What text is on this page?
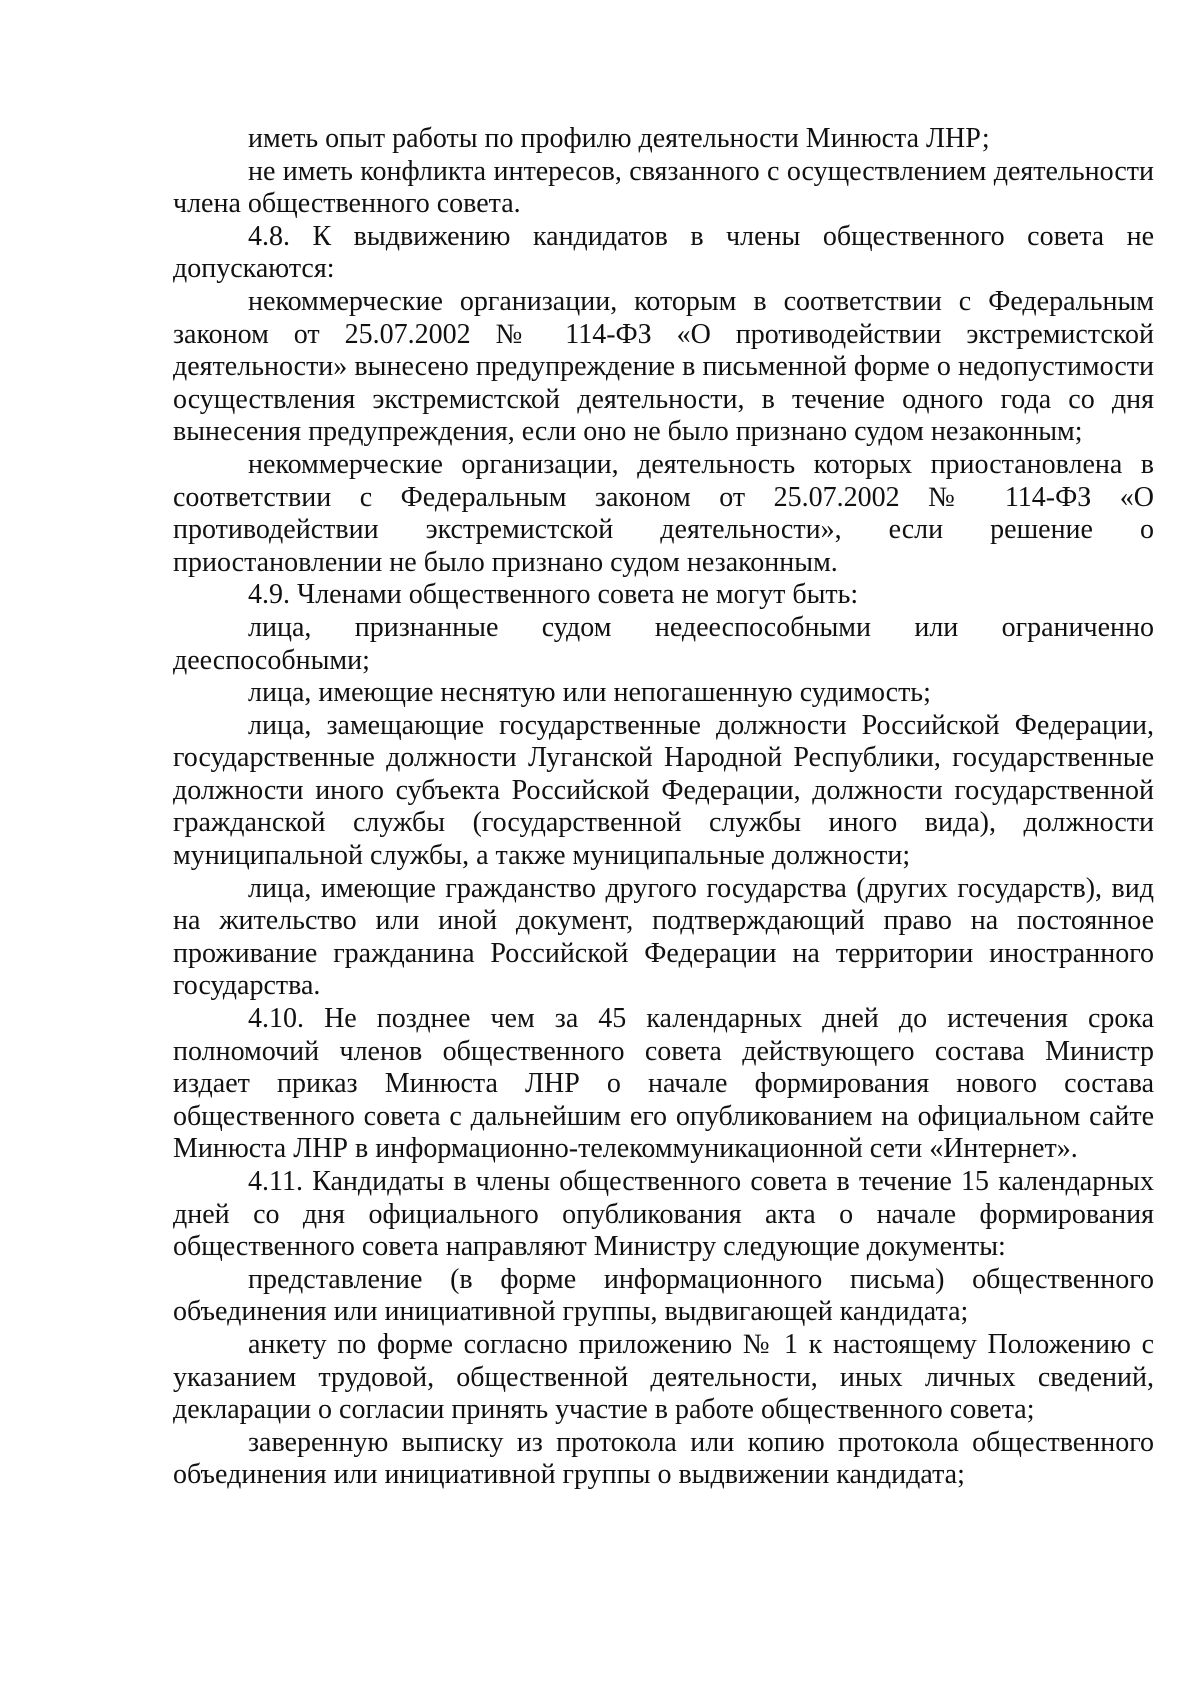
иметь опыт работы по профилю деятельности Минюста ЛНР;

не иметь конфликта интересов, связанного с осуществлением деятельности члена общественного совета.

4.8. К выдвижению кандидатов в члены общественного совета не допускаются:

некоммерческие организации, которым в соответствии с Федеральным законом от 25.07.2002 № 114-ФЗ «О противодействии экстремистской деятельности» вынесено предупреждение в письменной форме о недопустимости осуществления экстремистской деятельности, в течение одного года со дня вынесения предупреждения, если оно не было признано судом незаконным;

некоммерческие организации, деятельность которых приостановлена в соответствии с Федеральным законом от 25.07.2002 № 114-ФЗ «О противодействии экстремистской деятельности», если решение о приостановлении не было признано судом незаконным.

4.9. Членами общественного совета не могут быть:

лица, признанные судом недееспособными или ограниченно дееспособными;

лица, имеющие неснятую или непогашенную судимость;

лица, замещающие государственные должности Российской Федерации, государственные должности Луганской Народной Республики, государственные должности иного субъекта Российской Федерации, должности государственной гражданской службы (государственной службы иного вида), должности муниципальной службы, а также муниципальные должности;

лица, имеющие гражданство другого государства (других государств), вид на жительство или иной документ, подтверждающий право на постоянное проживание гражданина Российской Федерации на территории иностранного государства.

4.10. Не позднее чем за 45 календарных дней до истечения срока полномочий членов общественного совета действующего состава Министр издает приказ Минюста ЛНР о начале формирования нового состава общественного совета с дальнейшим его опубликованием на официальном сайте Минюста ЛНР в информационно-телекоммуникационной сети «Интернет».

4.11. Кандидаты в члены общественного совета в течение 15 календарных дней со дня официального опубликования акта о начале формирования общественного совета направляют Министру следующие документы:

представление (в форме информационного письма) общественного объединения или инициативной группы, выдвигающей кандидата;

анкету по форме согласно приложению № 1 к настоящему Положению с указанием трудовой, общественной деятельности, иных личных сведений, декларации о согласии принять участие в работе общественного совета;

заверенную выписку из протокола или копию протокола общественного объединения или инициативной группы о выдвижении кандидата;
